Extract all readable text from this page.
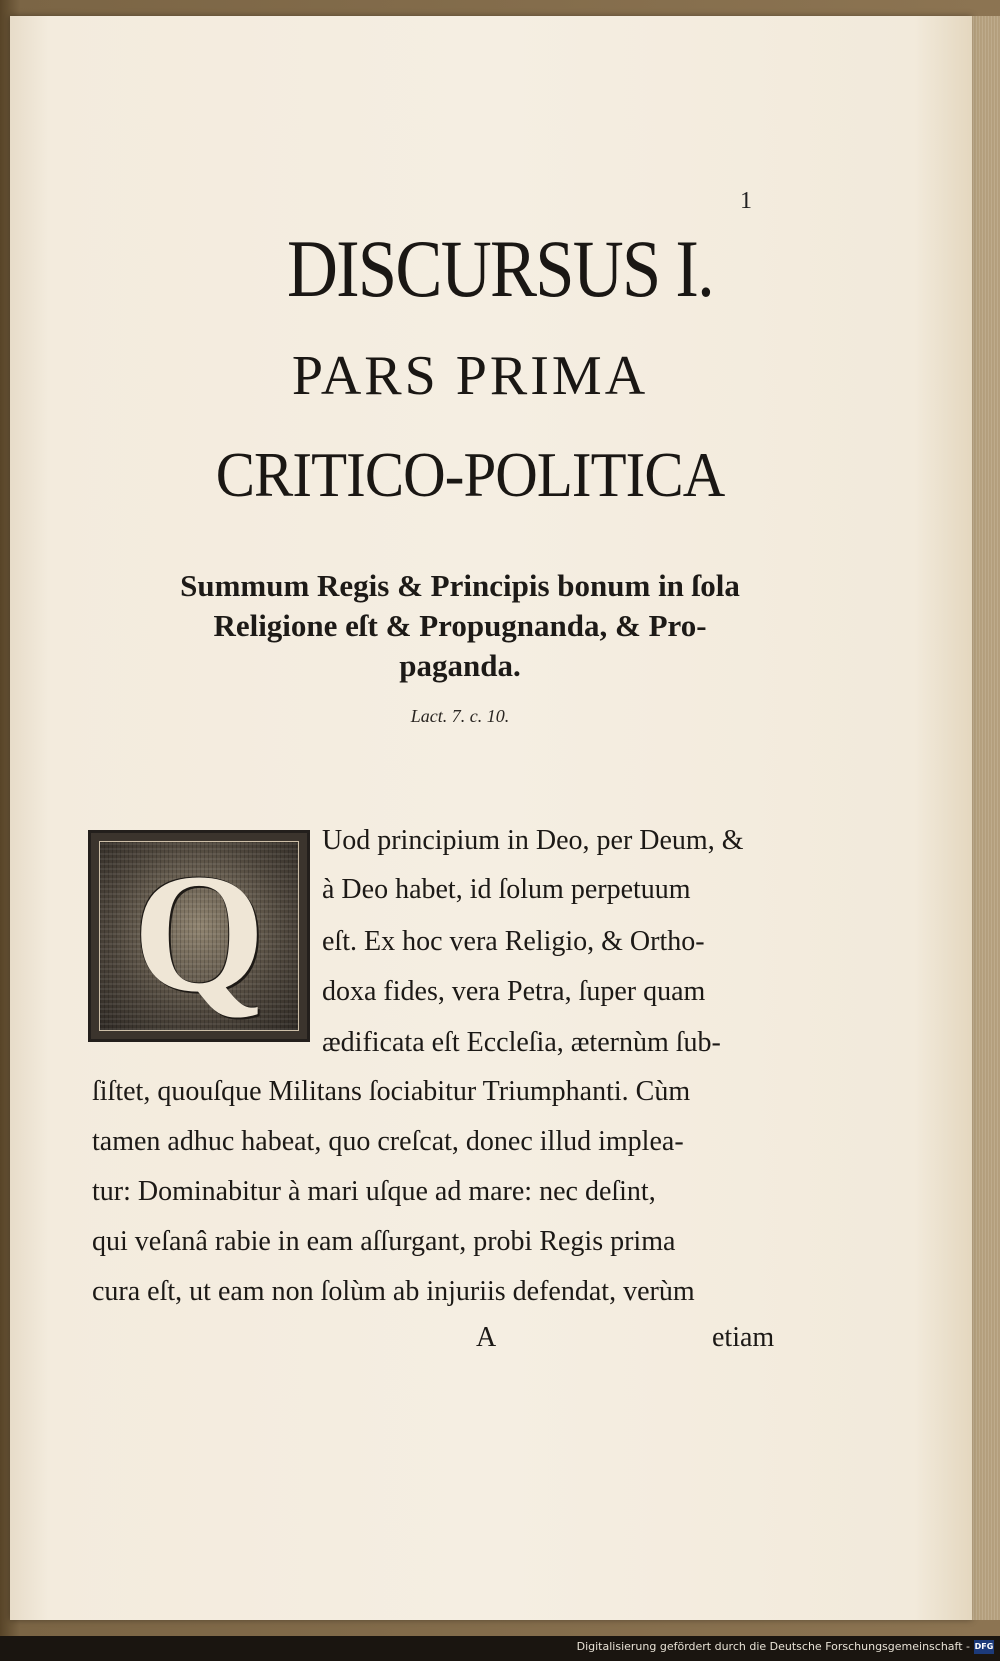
1
DISCURSUS I.
PARS PRIMA
CRITICO-POLITICA
Summum Regis & Principis bonum in ſola
Religione eſt & Propugnanda, & Pro-
paganda.
Lact. 7. c. 10.
Q	Uod principium in Deo, per Deum, &
à Deo habet, id ſolum perpetuum
eſt. Ex hoc vera Religio, & Ortho-
doxa fides, vera Petra, ſuper quam
ædificata eſt Eccleſia, æternùm ſub-
ſiſtet, quouſque Militans ſociabitur Triumphanti. Cùm
tamen adhuc habeat, quo creſcat, donec illud implea-
tur: Dominabitur à mari uſque ad mare: nec deſint,
qui veſanâ rabie in eam aſſurgant, probi Regis prima
cura eſt, ut eam non ſolùm ab injuriis defendat, verùm
A	etiam
Digitalisierung gefördert durch die Deutsche Forschungsgemeinschaft - DFG
